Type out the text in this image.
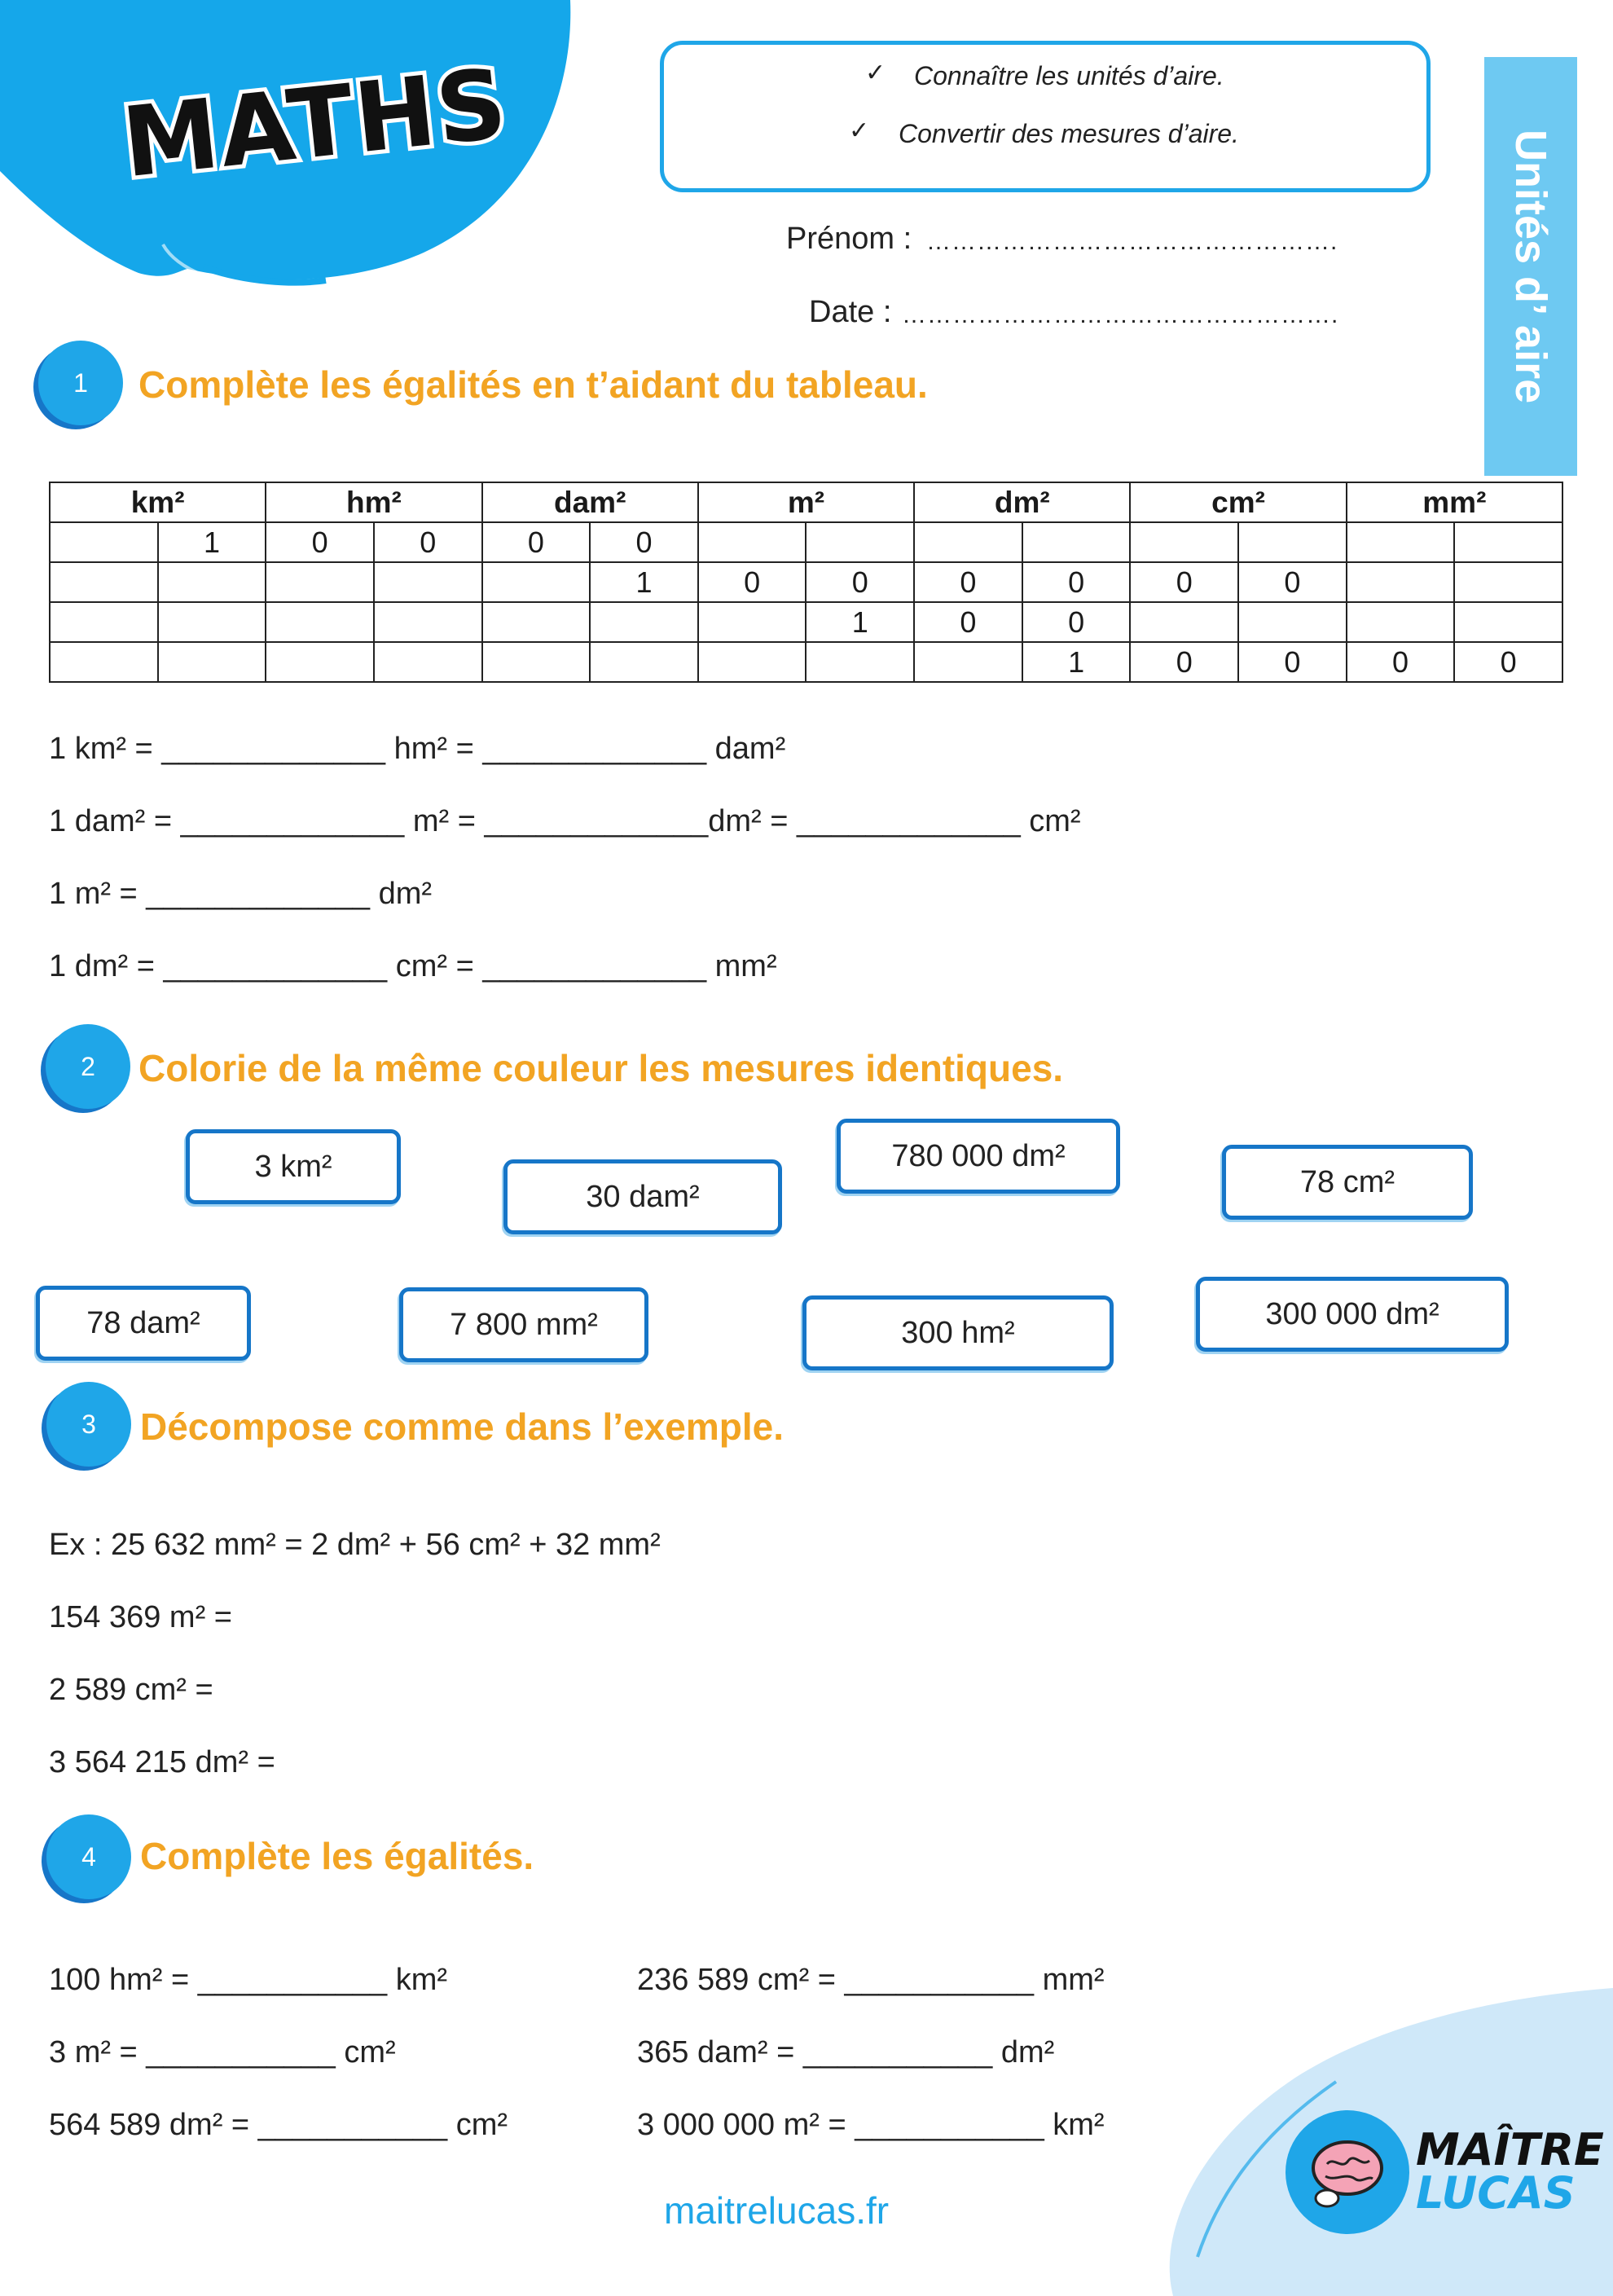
MATHS	✓ Connaître les unités d’aire.
✓ Convertir des mesures d’aire.
Prénom : ………………………………………….
Date : …………………………………………….	Unités d’ aire
1	Complète les égalités en t’aidant du tableau.
km²		hm²		dam²		m²		dm²		cm²		mm²	
	1	0	0	0	0								
					1	0	0	0	0	0	0		
							1	0	0				
									1	0	0	0	0
1 km² = _____________ hm² = _____________ dam²
1 dam² = _____________ m² = _____________dm² = _____________ cm²
1 m² = _____________ dm²
1 dm² = _____________ cm² = _____________ mm²
2	Colorie de la même couleur les mesures identiques.
3 km²
30 dam²
780 000 dm²
78 cm²
78 dam²	7 800 mm²	300 hm²
300 000 dm²
3	Décompose comme dans l’exemple.
Ex : 25 632 mm² = 2 dm² + 56 cm² + 32 mm²
154 369 m² =
2 589 cm² =
3 564 215 dm² =
4	Complète les égalités.
100 hm² = ___________ km²
3 m² = ___________ cm²
564 589 dm² = ___________ cm²
236 589 cm² = ___________ mm²
365 dam² = ___________ dm²
3 000 000 m² = ___________ km²
maitrelucas.fr
MAÎTRE
LUCAS
